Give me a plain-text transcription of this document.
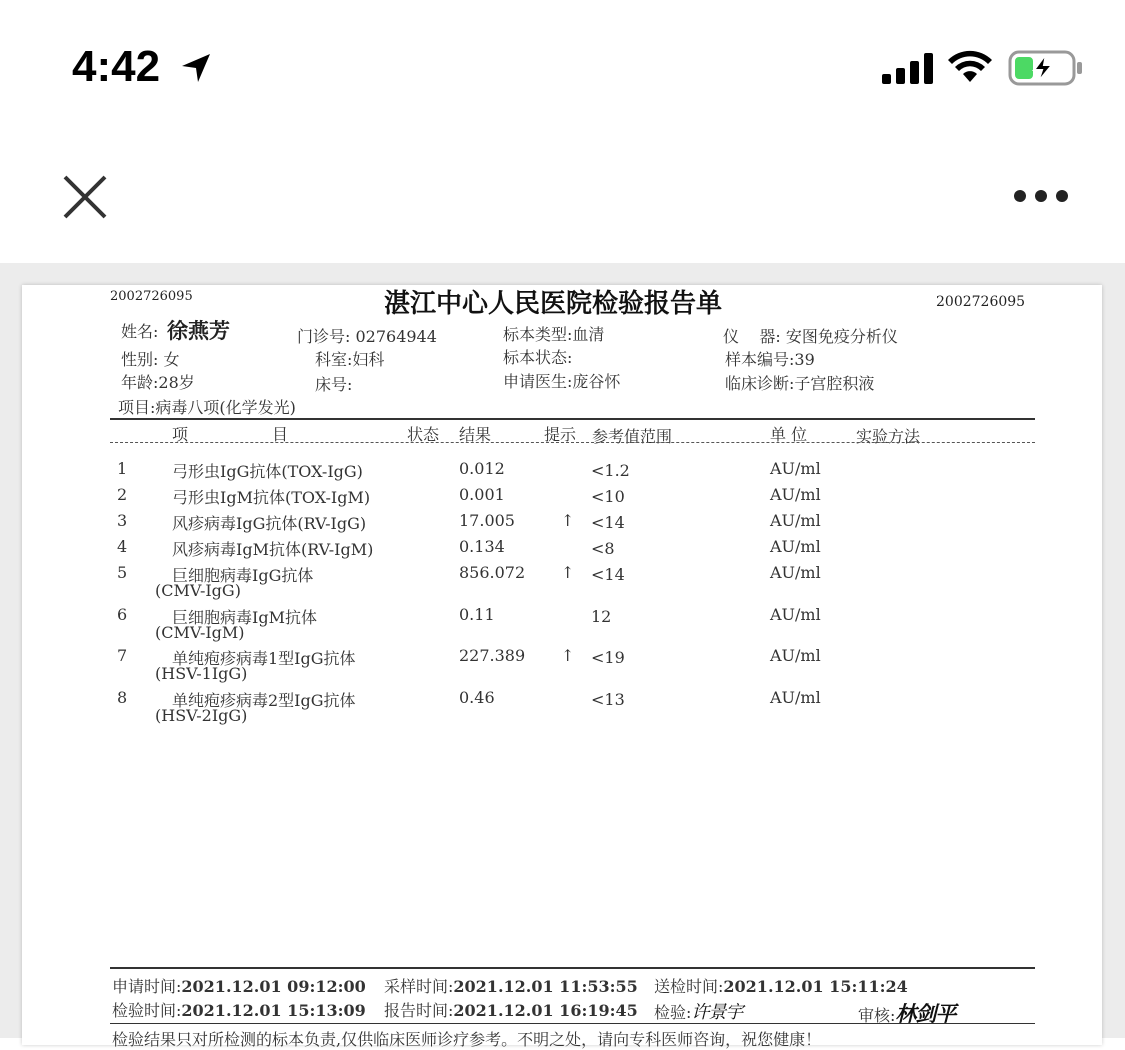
4:42
2002726095	湛江中心人民医院检验报告单	2002726095
姓名: 徐燕芳	门诊号: 02764944	标本类型:血清	仪    器: 安图免疫分析仪
性别: 女	科室:妇科	标本状态:	样本编号:39
年龄:28岁	床号:	申请医生:庞谷怀	临床诊断:子宫腔积液
项目:病毒八项(化学发光)
项	目	状态 结果	提示 参考值范围	单 位	实验方法
1	弓形虫IgG抗体(TOX-IgG)	0.012	<1.2	AU/ml
2	弓形虫IgM抗体(TOX-IgM)	0.001	<10	AU/ml
3	风疹病毒IgG抗体(RV-IgG)	17.005	↑ <14	AU/ml
4	风疹病毒IgM抗体(RV-IgM)	0.134	<8	AU/ml
5	巨细胞病毒IgG抗体
(CMV-IgG)
856.072 ↑ <14	AU/ml
6	巨细胞病毒IgM抗体
(CMV-IgM)
0.11	12	AU/ml
7	单纯疱疹病毒1型IgG抗体
(HSV-1IgG)
227.389 ↑ <19	AU/ml
8	单纯疱疹病毒2型IgG抗体
(HSV-2IgG)
0.46	<13	AU/ml
申请时间:2021.12.01 09:12:00 采样时间:2021.12.01 11:53:55 送检时间:2021.12.01 15:11:24
检验时间:2021.12.01 15:13:09 报告时间:2021.12.01 16:19:45 检验:许景宇	审核:林剑平
检验结果只对所检测的标本负责,仅供临床医师诊疗参考。不明之处，请向专科医师咨询，祝您健康！
